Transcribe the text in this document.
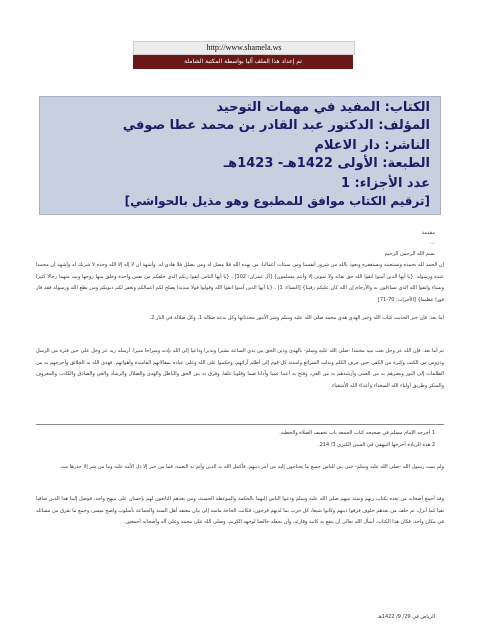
http://www.shamela.ws
تم إعداد هذا الملف آليا بواسطة المكتبة الشاملة
الكتاب: المفيد في مهمات التوحيد
المؤلف: الدكتور عبد القادر بن محمد عطا صوفي
الناشر: دار الاعلام
الطبعة: الأولى 1422هـ- 1423هـ
عدد الأجزاء: 1
[ترقيم الكتاب موافق للمطبوع وهو مذيل بالحواشي]
مقدمة
...
بسم الله الرحمن الرحيم
إن الحمد لله نحمده ونستعينه ونستغفره ونعوذ بالله من شرور أنفسنا ومن سيئات أعمالنا، من يهده الله فلا مضل له ومن يضلل فلا هادي له. وأشهد أن لا إله إلا الله وحده لا شريك له وأشهد أن محمدا عبده ورسوله. {يا أيها الذين آمنوا اتقوا الله حق تقاته ولا تموتن إلا وأنتم مسلمون} [آل عمران: 102] ، {يا أيها الناس اتقوا ربكم الذي خلقكم من نفس واحدة وخلق منها زوجها وبث منهما رجالا كثيرا ونساء واتقوا الله الذي تساءلون به والأرحام إن الله كان عليكم رقيبا} [النساء: 1] ، {يا أيها الذين آمنوا اتقوا الله وقولوا قولا سديدا يصلح لكم أعمالكم ويغفر لكم ذنوبكم ومن يطع الله ورسوله فقد فاز فوزا عظيما} [الأحزاب: 70-71]
أما بعد: فإن خير الحديث كتاب الله وخير الهدي هدي محمد صلى الله عليه وسلم وشر الأمور محدثاتها وكل بدعة ضلالة 1، وكل ضلالة في النار 2.
ثم أما بعد: فإن الله عز وجل بعث نبيه محمدا -صلى الله عليه وسلم- بالهدى ودين الحق بين يدي الساعة بشيرا ونذيرا وداعيا إلى الله بإذنه وسراجا منيرا. أرسله ربه عز وجل على حين فترة من الرسل ودروس من الكتب وكثرة من الكفر، حين حرف الكلم وبدلت الشرائع واستند كل قوم إلى أظلم آرائهم، وحكموا على الله وعلى عباده بمقالاتهم الفاسدة وأهوائهم. فهدى الله به الخلائق وأخرجهم به من الظلمات إلى النور وبصرهم به من العمى وأرشدهم به من الغي، وفتح به أعينا عميا وآذانا صما وقلوبا غلفا، وفرق به بين الحق والباطل والهدى والضلال والرشاد والغي والصادق والكاذب والمعروف والمنكر وطريق أولياء الله السعداء وأعداء الله الأشقياء.
1 أخرجه الإمام مسلم في صحيحه كتاب الجمعة باب تخفيف الصلاة والخطبة.
2 هذه الزيادة أخرجها البيهقي في السنن الكبرى 3/ 214.
ولم يمت رسول الله -صلى الله عليه وسلم- حتى بين للناس جميع ما يحتاجون إليه من أمر دينهم، فأكمل الله به الدين وأتم به النعمة، فما من خير إلا دل الأمة عليه وما من شر إلا حذرها منه.
وقد أجمع أصحابه من بعده بكتاب ربهم وسنة نبيهم صلى الله عليه وسلم ودعوا الناس إليهما بالحكمة والموعظة الحسنة، ومن بعدهم التابعون لهم بإحسان على منهج واحد، فوصل إلينا هذا الدين صافيا نقيا كما أنزل، ثم خلف من بعدهم خلوف فرقوا دينهم وكانوا شيعا، كل حزب بما لديهم فرحون، فكانت الحاجة ماسة إلى بيان معتقد أهل السنة والجماعة بأسلوب واضح ميسر، وجمع ما تفرق من مسائله في مكان واحد، فكان هذا الكتاب. أسأل الله تعالى أن ينفع به كاتبه وقارئه، وأن يجعله خالصا لوجهه الكريم، وصلى الله على محمد وعلى آله وأصحابه أجمعين.
الرياض في 29/ 9/ 1422هـ
